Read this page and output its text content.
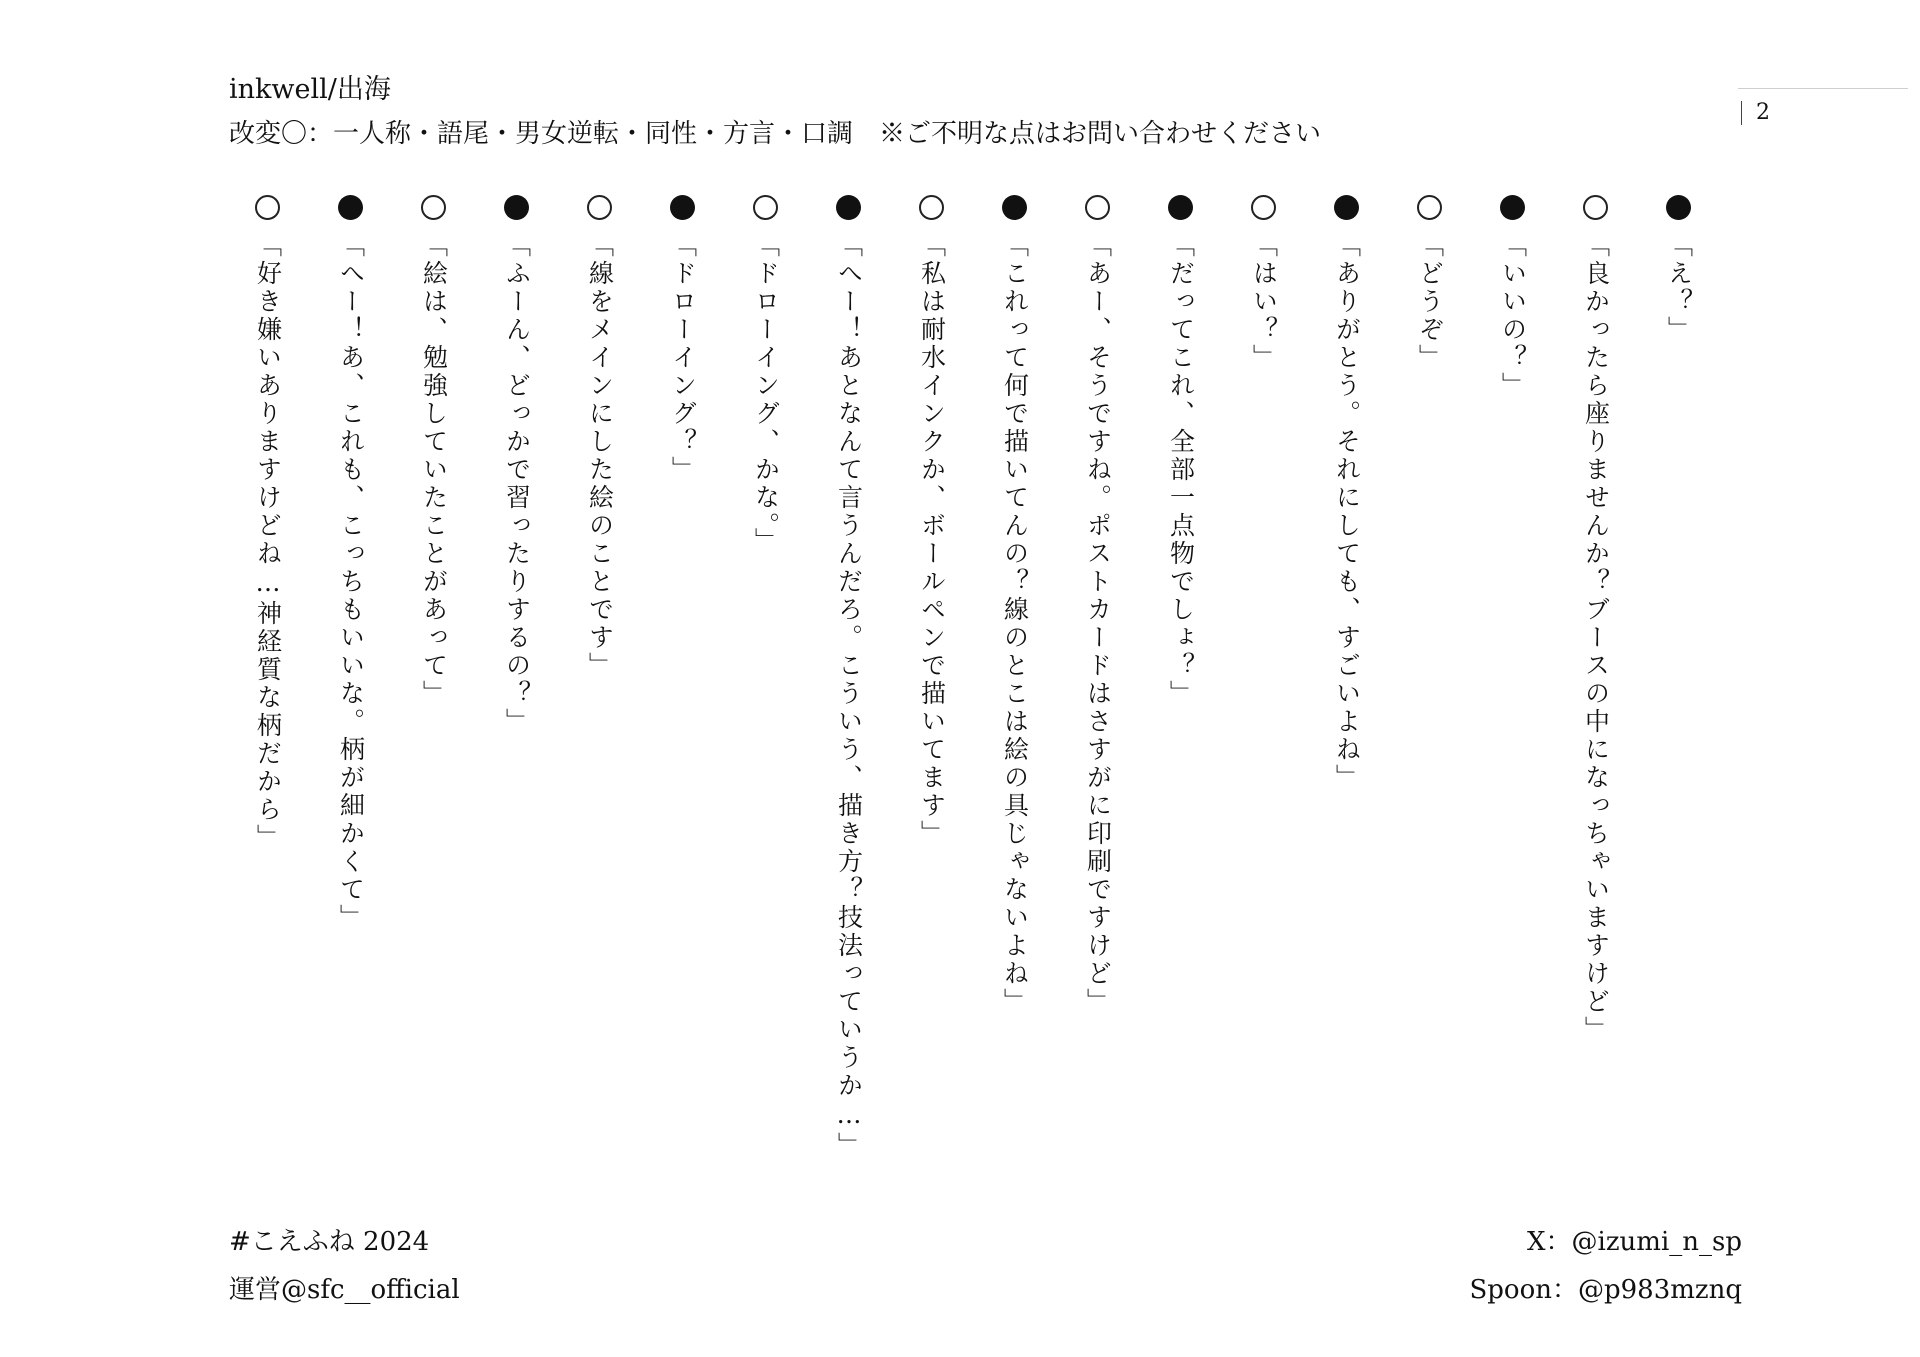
inkwell/出海
改変〇：一人称・語尾・男女逆転・同性・方言・口調　※ご不明な点はお問い合わせください
2
「え？」
「良かったら座りませんか？ブースの中になっちゃいますけど」
「いいの？」
「どうぞ」
「ありがとう。それにしても、すごいよね」
「はい？」
「だってこれ、全部一点物でしょ？」
「あー、そうですね。ポストカードはさすがに印刷ですけど」
「これって何で描いてんの？線のとこは絵の具じゃないよね」
「私は耐水インクか、ボールペンで描いてます」
「へー！あとなんて言うんだろ。こういう、描き方？技法っていうか…」
「ドローイング、かな。」
「ドローイング？」
「線をメインにした絵のことです」
「ふーん、どっかで習ったりするの？」
「絵は、勉強していたことがあって」
「へー！あ、これも、こっちもいいな。柄が細かくて」
「好き嫌いありますけどね…神経質な柄だから」
#こえふね 2024
運営@sfc__official
X：@izumi_n_sp
Spoon：@p983mznq
